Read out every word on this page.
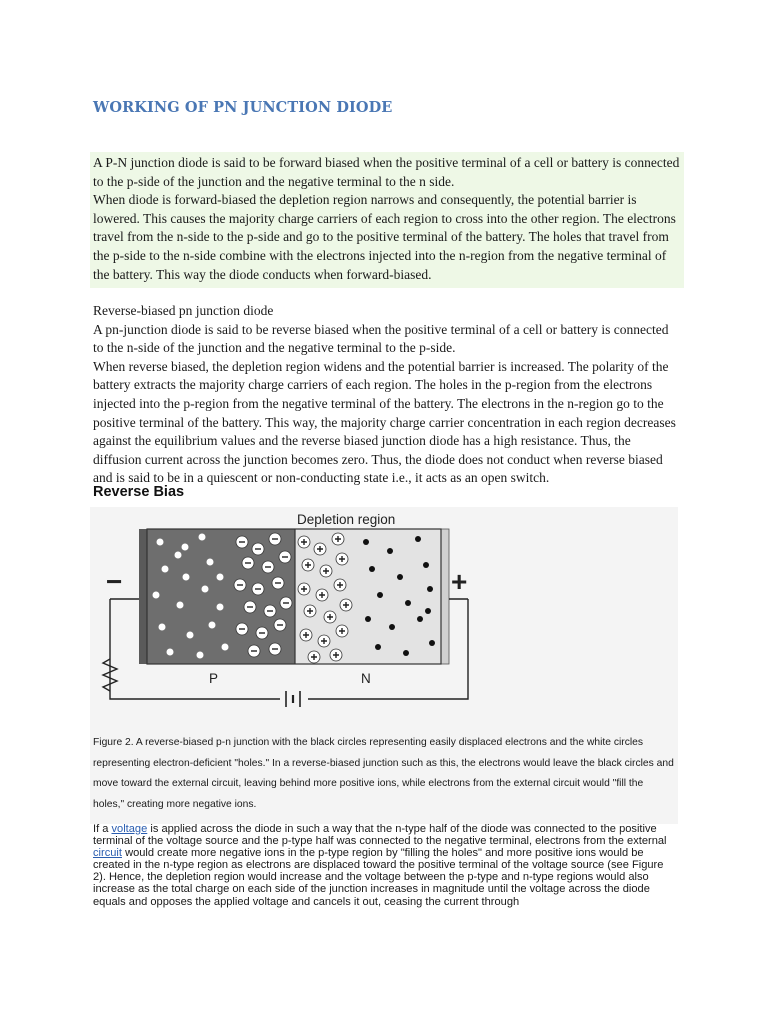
WORKING OF PN JUNCTION DIODE

A P-N junction diode is said to be forward biased when the positive terminal of a cell or battery is connected to the p-side of the junction and the negative terminal to the n side.

When diode is forward-biased the depletion region narrows and consequently, the potential barrier is lowered. This causes the majority charge carriers of each region to cross into the other region. The electrons travel from the n-side to the p-side and go to the positive terminal of the battery. The holes that travel from the p-side to the n-side combine with the electrons injected into the n-region from the negative terminal of the battery. This way the diode conducts when forward-biased.

Reverse-biased pn junction diode

A pn-junction diode is said to be reverse biased when the positive terminal of a cell or battery is connected to the n-side of the junction and the negative terminal to the p-side.

When reverse biased, the depletion region widens and the potential barrier is increased. The polarity of the battery extracts the majority charge carriers of each region. The holes in the p-region from the electrons injected into the p-region from the negative terminal of the battery. The electrons in the n-region go to the positive terminal of the battery. This way, the majority charge carrier concentration in each region decreases against the equilibrium values and the reverse biased junction diode has a high resistance. Thus, the diffusion current across the junction becomes zero. Thus, the diode does not conduct when reverse biased and is said to be in a quiescent or non-conducting state i.e., it acts as an open switch.

Reverse Bias
Depletion region
−	+
P	N

Figure 2. A reverse-biased p-n junction with the black circles representing easily displaced electrons and the white circles representing electron-deficient "holes." In a reverse-biased junction such as this, the electrons would leave the black circles and move toward the external circuit, leaving behind more positive ions, while electrons from the external circuit would "fill the holes," creating more negative ions.

If a voltage is applied across the diode in such a way that the n-type half of the diode was connected to the positive terminal of the voltage source and the p-type half was connected to the negative terminal, electrons from the external circuit would create more negative ions in the p-type region by "filling the holes" and more positive ions would be created in the n-type region as electrons are displaced toward the positive terminal of the voltage source (see Figure 2). Hence, the depletion region would increase and the voltage between the p-type and n-type regions would also increase as the total charge on each side of the junction increases in magnitude until the voltage across the diode equals and opposes the applied voltage and cancels it out, ceasing the current through
